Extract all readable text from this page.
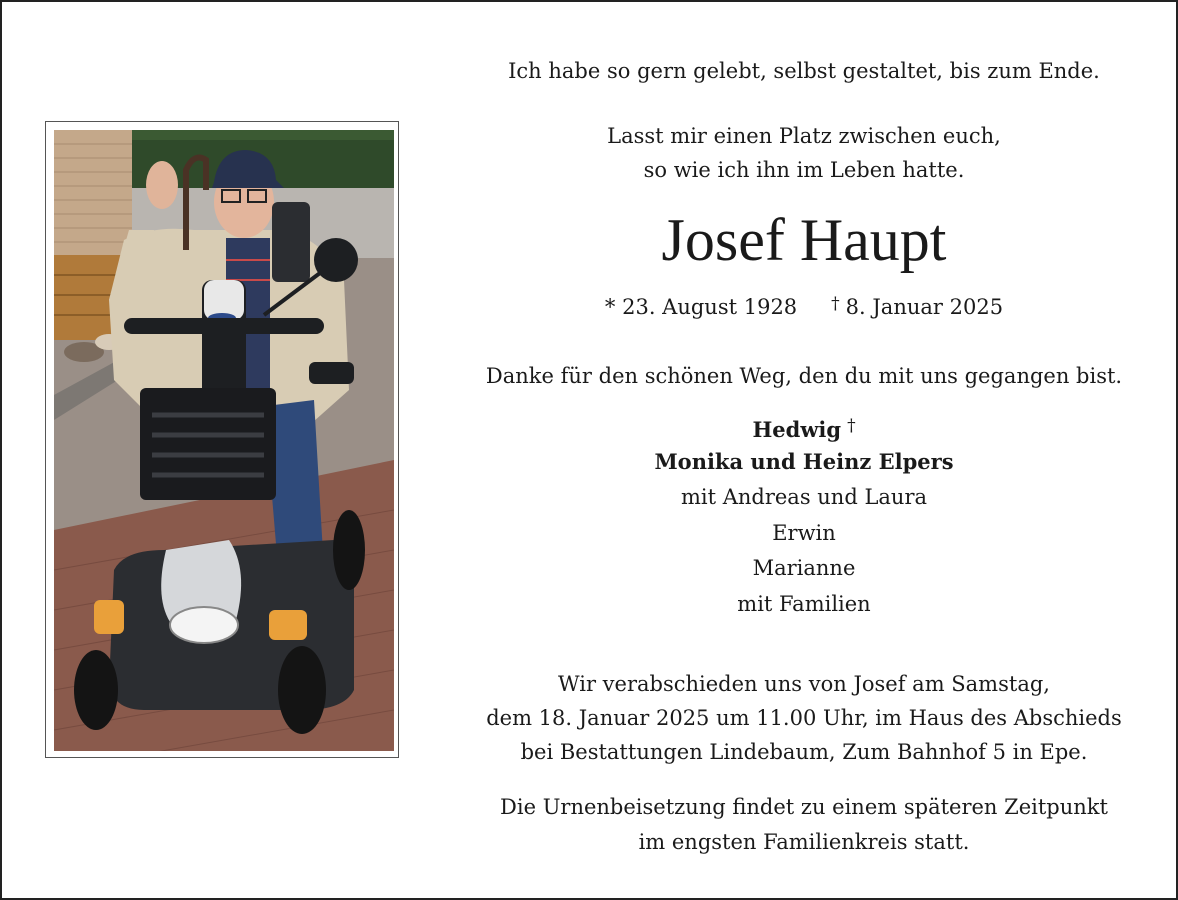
Ich habe so gern gelebt, selbst gestaltet, bis zum Ende.
Lasst mir einen Platz zwischen euch,
so wie ich ihn im Leben hatte.
Josef Haupt
* 23. August 1928 † 8. Januar 2025
Danke für den schönen Weg, den du mit uns gegangen bist.
Hedwig †
Monika und Heinz Elpers
mit Andreas und Laura
Erwin
Marianne
mit Familien
Wir verabschieden uns von Josef am Samstag,
dem 18. Januar 2025 um 11.00 Uhr, im Haus des Abschieds
bei Bestattungen Lindebaum, Zum Bahnhof 5 in Epe.
Die Urnenbeisetzung findet zu einem späteren Zeitpunkt
im engsten Familienkreis statt.
